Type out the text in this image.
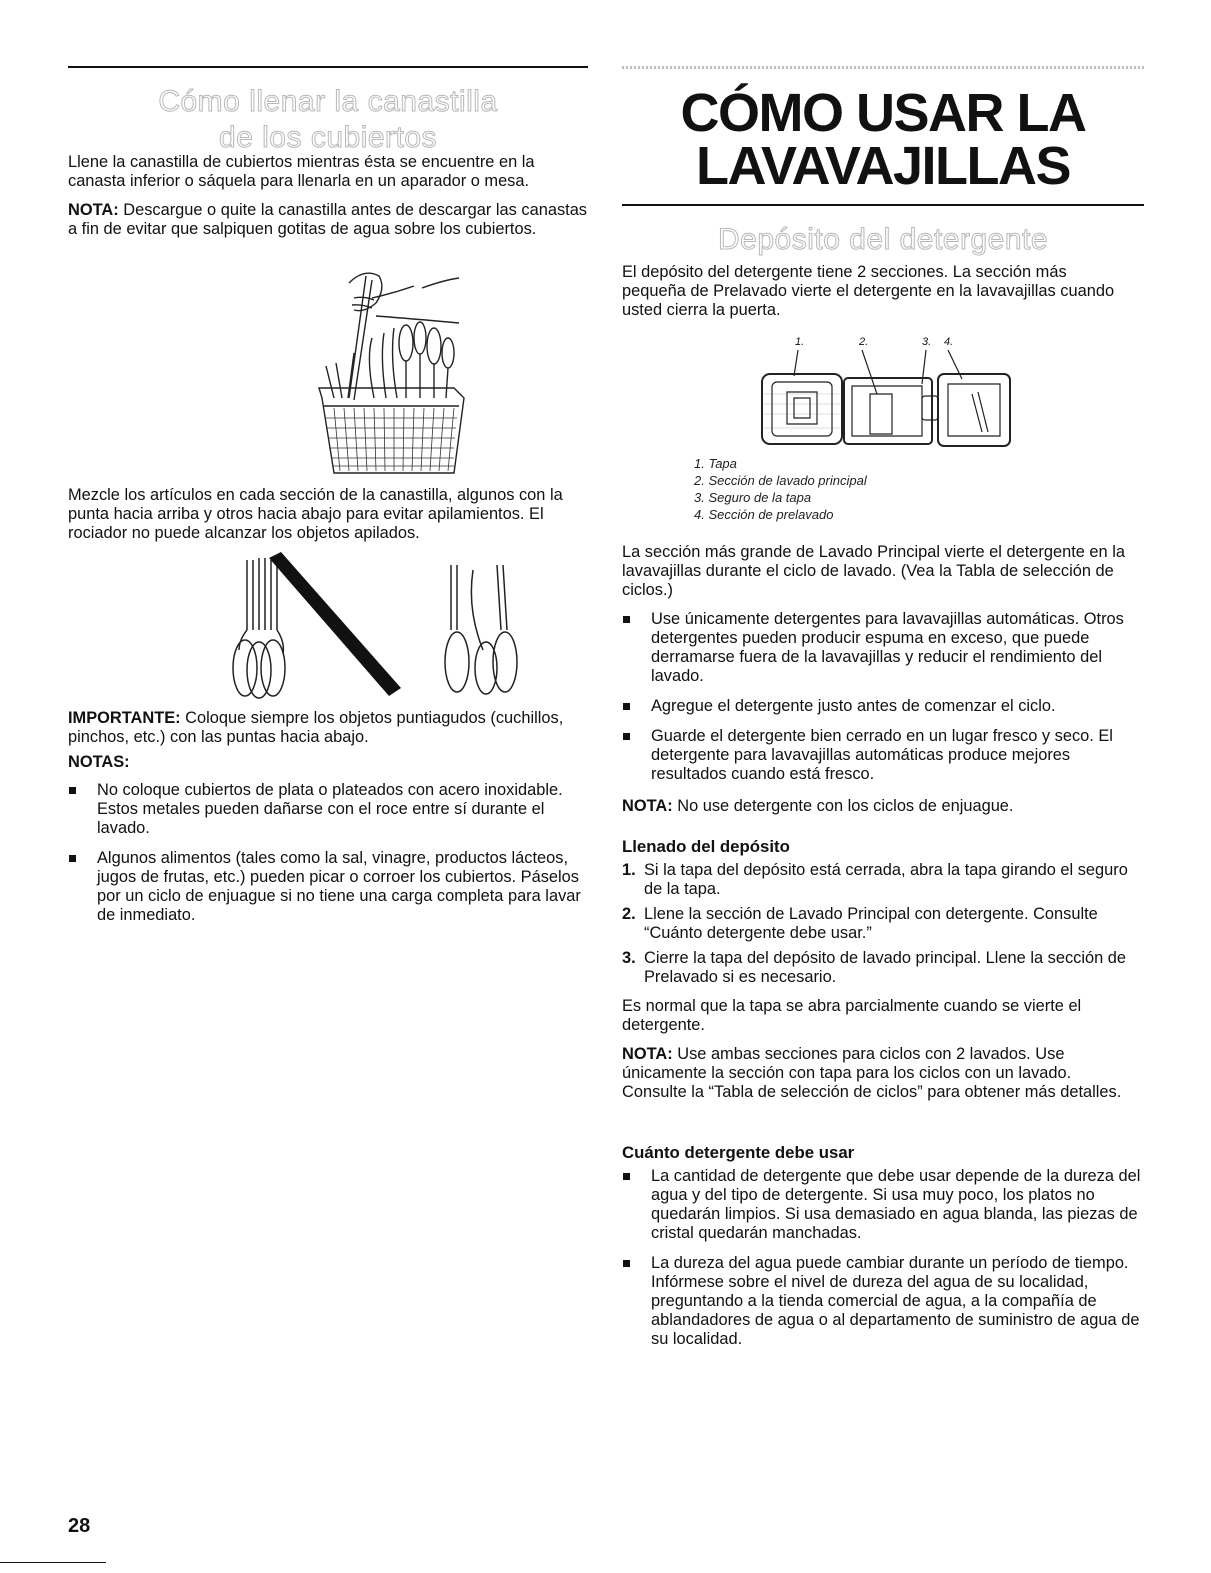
Cómo llenar la canastilla
de los cubiertos

Llene la canastilla de cubiertos mientras ésta se encuentre en la canasta inferior o sáquela para llenarla en un aparador o mesa.

NOTA: Descargue o quite la canastilla antes de descargar las canastas a fin de evitar que salpiquen gotitas de agua sobre los cubiertos.

Mezcle los artículos en cada sección de la canastilla, algunos con la punta hacia arriba y otros hacia abajo para evitar apilamientos. El rociador no puede alcanzar los objetos apilados.

IMPORTANTE: Coloque siempre los objetos puntiagudos (cuchillos, pinchos, etc.) con las puntas hacia abajo.

NOTAS:

No coloque cubiertos de plata o plateados con acero inoxidable. Estos metales pueden dañarse con el roce entre sí durante el lavado.
Algunos alimentos (tales como la sal, vinagre, productos lácteos, jugos de frutas, etc.) pueden picar o corroer los cubiertos. Páselos por un ciclo de enjuague si no tiene una carga completa para lavar de inmediato.
CÓMO USAR LA
LAVAVAJILLAS
Depósito del detergente

El depósito del detergente tiene 2 secciones. La sección más pequeña de Prelavado vierte el detergente en la lavavajillas cuando usted cierra la puerta.

1.	2.	3. 4.
1. Tapa
2. Sección de lavado principal
3. Seguro de la tapa
4. Sección de prelavado

La sección más grande de Lavado Principal vierte el detergente en la lavavajillas durante el ciclo de lavado. (Vea la Tabla de selección de ciclos.)

Use únicamente detergentes para lavavajillas automáticas. Otros detergentes pueden producir espuma en exceso, que puede derramarse fuera de la lavavajillas y reducir el rendimiento del lavado.
Agregue el detergente justo antes de comenzar el ciclo.
Guarde el detergente bien cerrado en un lugar fresco y seco. El detergente para lavavajillas automáticas produce mejores resultados cuando está fresco.

NOTA: No use detergente con los ciclos de enjuague.

Llenado del depósito
1. Si la tapa del depósito está cerrada, abra la tapa girando el seguro de la tapa.
2. Llene la sección de Lavado Principal con detergente. Consulte “Cuánto detergente debe usar.”
3. Cierre la tapa del depósito de lavado principal. Llene la sección de Prelavado si es necesario.

Es normal que la tapa se abra parcialmente cuando se vierte el detergente.

NOTA: Use ambas secciones para ciclos con 2 lavados. Use únicamente la sección con tapa para los ciclos con un lavado. Consulte la “Tabla de selección de ciclos” para obtener más detalles.

Cuánto detergente debe usar
La cantidad de detergente que debe usar depende de la dureza del agua y del tipo de detergente. Si usa muy poco, los platos no quedarán limpios. Si usa demasiado en agua blanda, las piezas de cristal quedarán manchadas.
La dureza del agua puede cambiar durante un período de tiempo. Infórmese sobre el nivel de dureza del agua de su localidad, preguntando a la tienda comercial de agua, a la compañía de ablandadores de agua o al departamento de suministro de agua de su localidad.
28
